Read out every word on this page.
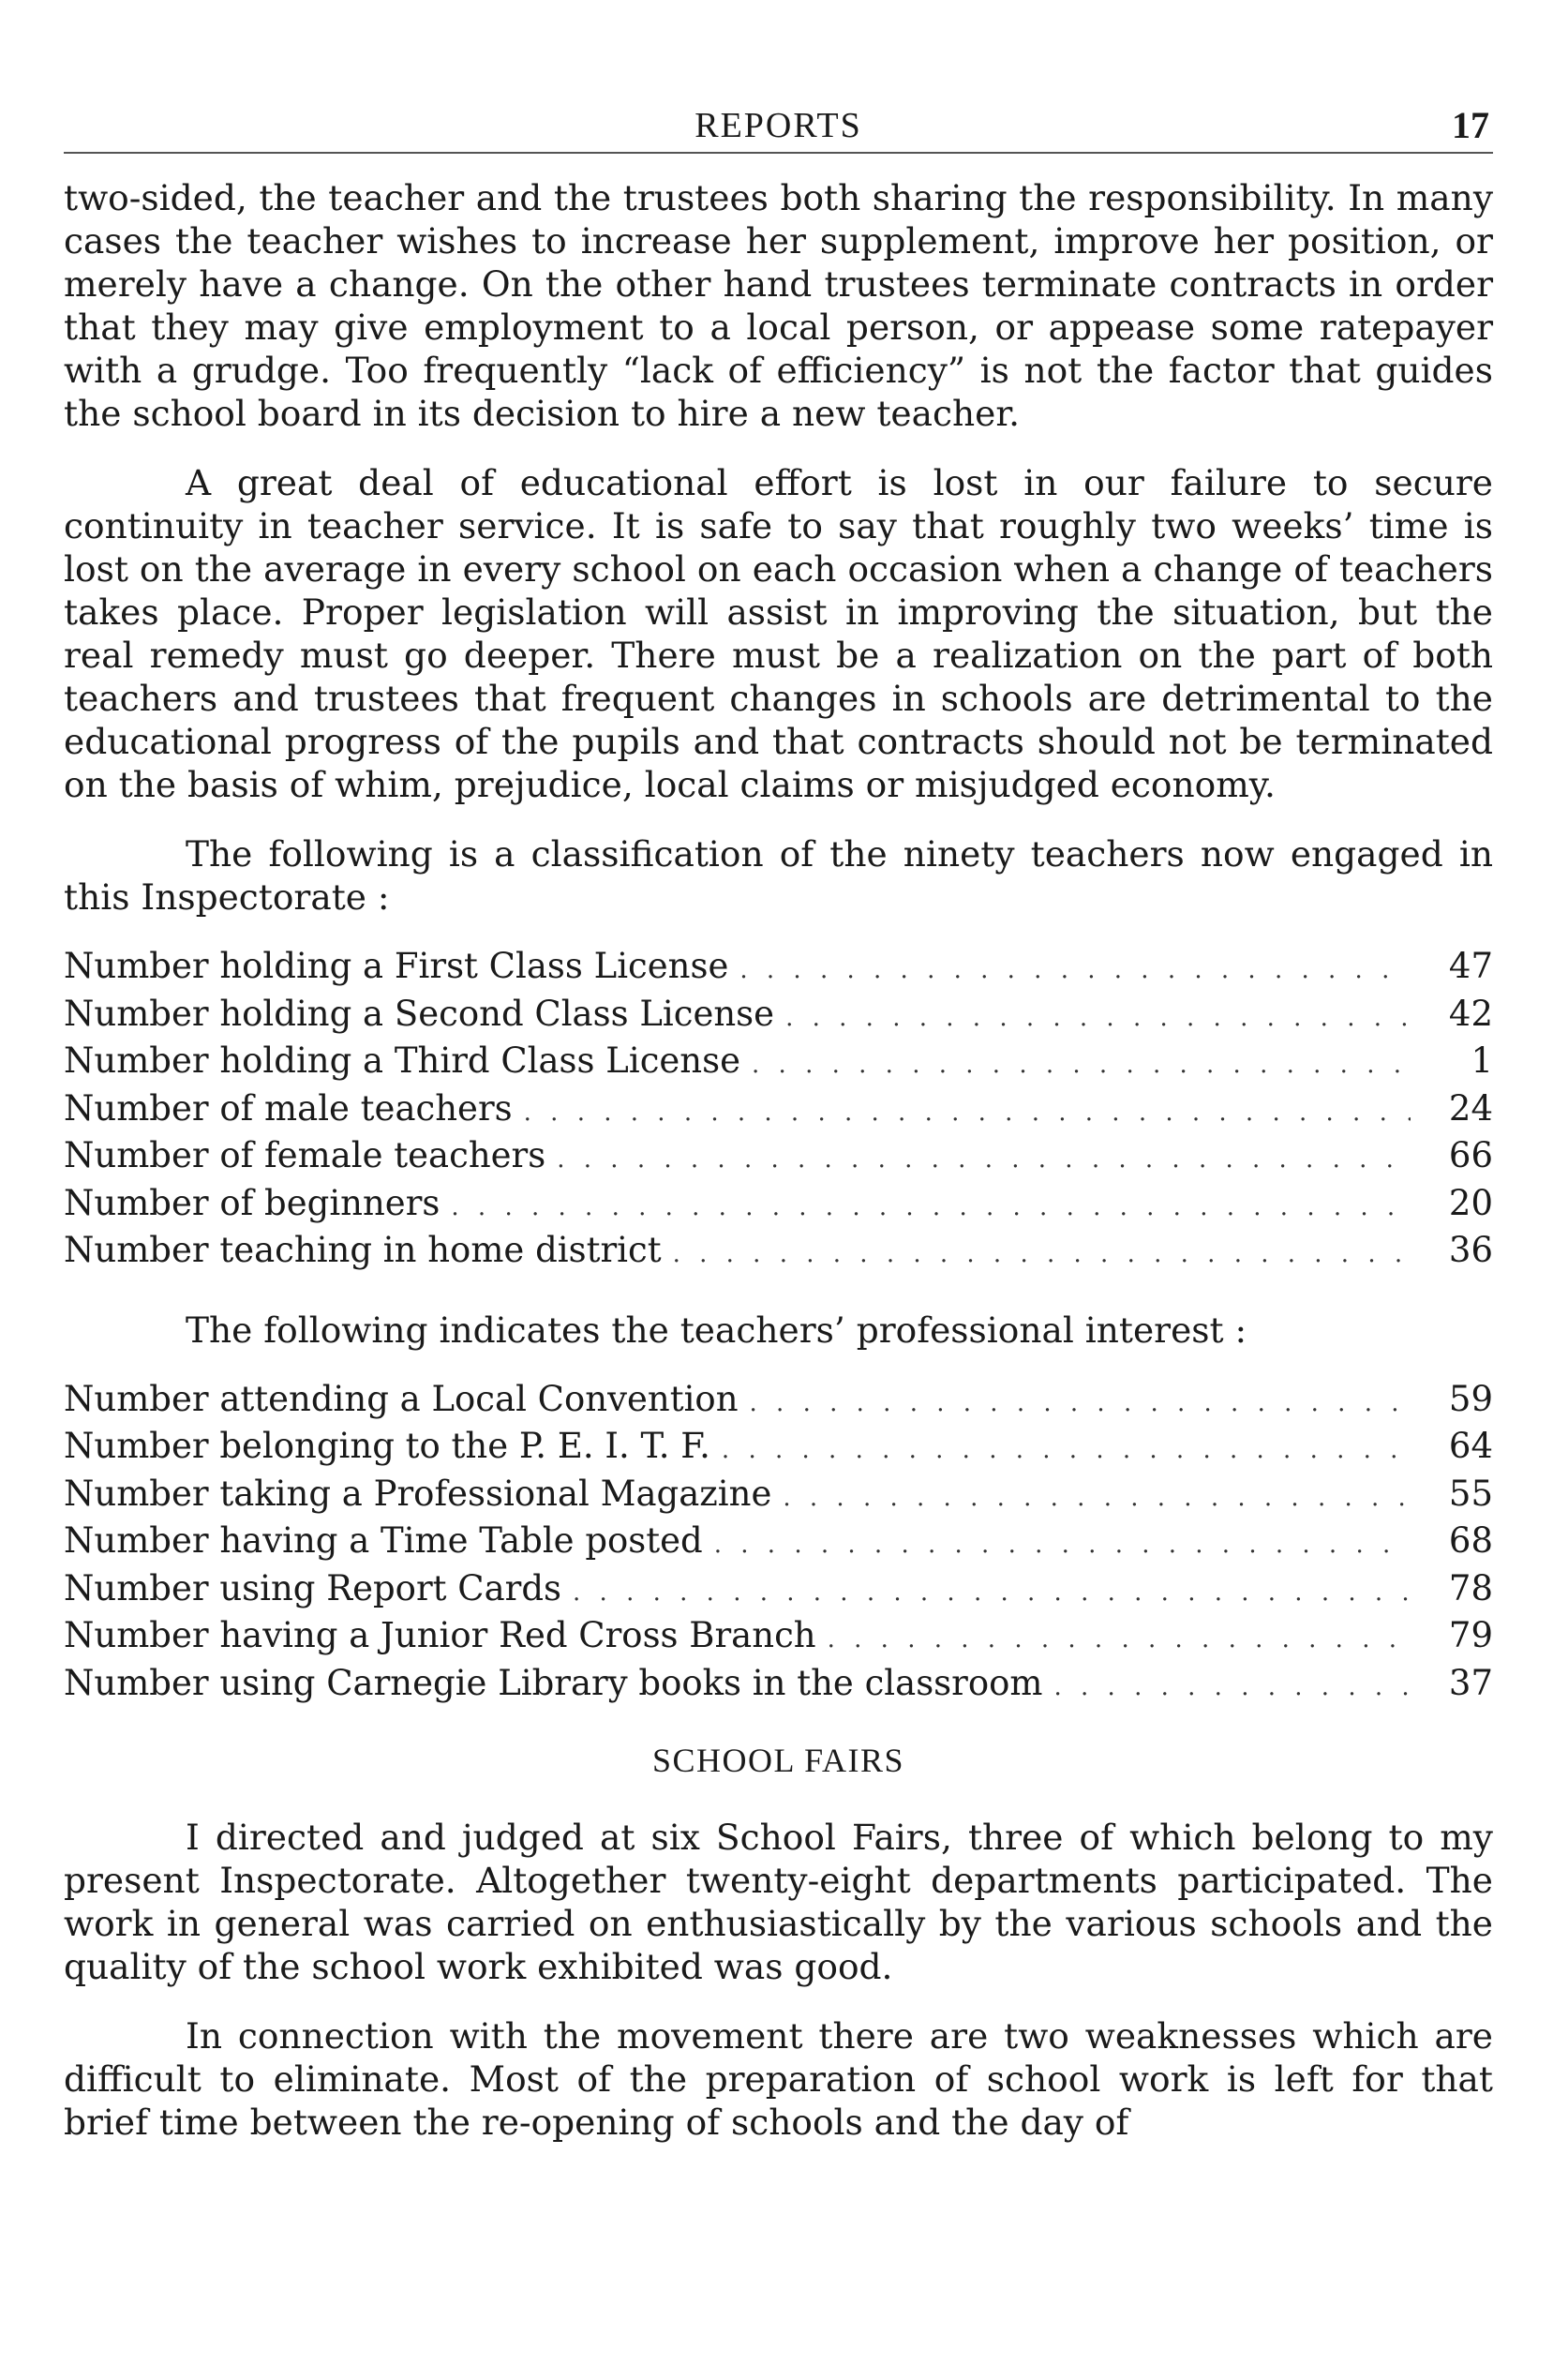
REPORTS	17

two-sided, the teacher and the trustees both sharing the responsibility. In many cases the teacher wishes to increase her supplement, improve her position, or merely have a change. On the other hand trustees terminate contracts in order that they may give employment to a local person, or appease some ratepayer with a grudge. Too frequently “lack of efficiency” is not the factor that guides the school board in its decision to hire a new teacher.

A great deal of educational effort is lost in our failure to secure continuity in teacher service. It is safe to say that roughly two weeks’ time is lost on the average in every school on each occasion when a change of teachers takes place. Proper legislation will assist in improving the situation, but the real remedy must go deeper. There must be a realization on the part of both teachers and trustees that frequent changes in schools are detrimental to the educational progress of the pupils and that contracts should not be terminated on the basis of whim, prejudice, local claims or misjudged economy.

The following is a classification of the ninety teachers now engaged in this Inspectorate :

Number holding a First Class License . . .	47
Number holding a Second Class License . . .	42
Number holding a Third Class License . . .	1
Number of male teachers . . .	24
Number of female teachers . . .	66
Number of beginners . . .	20
Number teaching in home district . . .	36

The following indicates the teachers’ professional interest :

Number attending a Local Convention . . .	59
Number belonging to the P. E. I. T. F. . . .	64
Number taking a Professional Magazine . . .	55
Number having a Time Table posted . . .	68
Number using Report Cards . . .	78
Number having a Junior Red Cross Branch . . .	79
Number using Carnegie Library books in the classroom . . .	37
SCHOOL FAIRS

I directed and judged at six School Fairs, three of which belong to my present Inspectorate. Altogether twenty-eight departments participated. The work in general was carried on enthusiastically by the various schools and the quality of the school work exhibited was good.

In connection with the movement there are two weaknesses which are difficult to eliminate. Most of the preparation of school work is left for that brief time between the re-opening of schools and the day of
